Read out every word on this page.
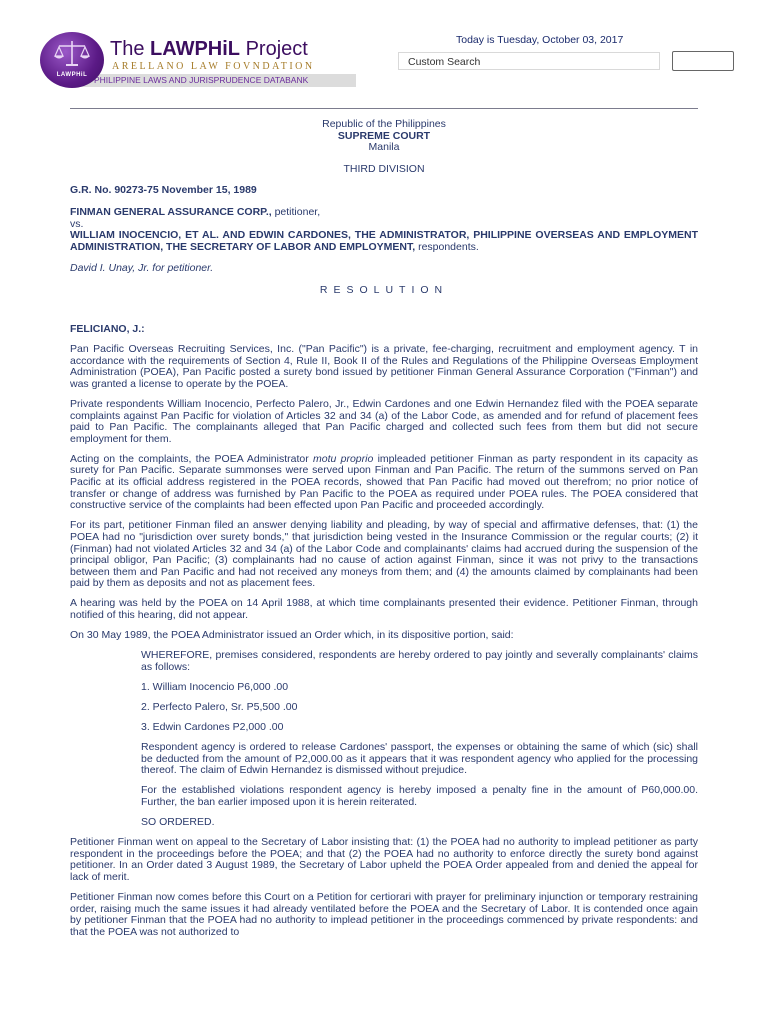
PHILIPPINE LAWS AND JURISPRUDENCE DATABANK
LAWPHiL
The LAWPHiL Project
ARELLANO LAW FOVNDATION
Today is Tuesday, October 03, 2017
Custom Search
Republic of the Philippines
SUPREME COURT
Manila
THIRD DIVISION
G.R. No. 90273-75 November 15, 1989
FINMAN GENERAL ASSURANCE CORP., petitioner,
vs.
WILLIAM INOCENCIO, ET AL. AND EDWIN CARDONES, THE ADMINISTRATOR, PHILIPPINE OVERSEAS AND EMPLOYMENT ADMINISTRATION, THE SECRETARY OF LABOR AND EMPLOYMENT, respondents.
David I. Unay, Jr. for petitioner.
RESOLUTION
FELICIANO, J.:

Pan Pacific Overseas Recruiting Services, Inc. ("Pan Pacific") is a private, fee-charging, recruitment and employment agency. T in accordance with the requirements of Section 4, Rule II, Book II of the Rules and Regulations of the Philippine Overseas Employment Administration (POEA), Pan Pacific posted a surety bond issued by petitioner Finman General Assurance Corporation ("Finman") and was granted a license to operate by the POEA.

Private respondents William Inocencio, Perfecto Palero, Jr., Edwin Cardones and one Edwin Hernandez filed with the POEA separate complaints against Pan Pacific for violation of Articles 32 and 34 (a) of the Labor Code, as amended and for refund of placement fees paid to Pan Pacific. The complainants alleged that Pan Pacific charged and collected such fees from them but did not secure employment for them.

Acting on the complaints, the POEA Administrator motu proprio impleaded petitioner Finman as party respondent in its capacity as surety for Pan Pacific. Separate summonses were served upon Finman and Pan Pacific. The return of the summons served on Pan Pacific at its official address registered in the POEA records, showed that Pan Pacific had moved out therefrom; no prior notice of transfer or change of address was furnished by Pan Pacific to the POEA as required under POEA rules. The POEA considered that constructive service of the complaints had been effected upon Pan Pacific and proceeded accordingly.

For its part, petitioner Finman filed an answer denying liability and pleading, by way of special and affirmative defenses, that: (1) the POEA had no "jurisdiction over surety bonds," that jurisdiction being vested in the Insurance Commission or the regular courts; (2) it (Finman) had not violated Articles 32 and 34 (a) of the Labor Code and complainants' claims had accrued during the suspension of the principal obligor, Pan Pacific; (3) complainants had no cause of action against Finman, since it was not privy to the transactions between them and Pan Pacific and had not received any moneys from them; and (4) the amounts claimed by complainants had been paid by them as deposits and not as placement fees.

A hearing was held by the POEA on 14 April 1988, at which time complainants presented their evidence. Petitioner Finman, through notified of this hearing, did not appear.

On 30 May 1989, the POEA Administrator issued an Order which, in its dispositive portion, said:

WHEREFORE, premises considered, respondents are hereby ordered to pay jointly and severally complainants' claims as follows:

1. William Inocencio P6,000 .00

2. Perfecto Palero, Sr. P5,500 .00

3. Edwin Cardones P2,000 .00

Respondent agency is ordered to release Cardones' passport, the expenses or obtaining the same of which (sic) shall be deducted from the amount of P2,000.00 as it appears that it was respondent agency who applied for the processing thereof. The claim of Edwin Hernandez is dismissed without prejudice.

For the established violations respondent agency is hereby imposed a penalty fine in the amount of P60,000.00. Further, the ban earlier imposed upon it is herein reiterated.

SO ORDERED.

Petitioner Finman went on appeal to the Secretary of Labor insisting that: (1) the POEA had no authority to implead petitioner as party respondent in the proceedings before the POEA; and that (2) the POEA had no authority to enforce directly the surety bond against petitioner. In an Order dated 3 August 1989, the Secretary of Labor upheld the POEA Order appealed from and denied the appeal for lack of merit.

Petitioner Finman now comes before this Court on a Petition for certiorari with prayer for preliminary injunction or temporary restraining order, raising much the same issues it had already ventilated before the POEA and the Secretary of Labor. It is contended once again by petitioner Finman that the POEA had no authority to implead petitioner in the proceedings commenced by private respondents: and that the POEA was not authorized to
